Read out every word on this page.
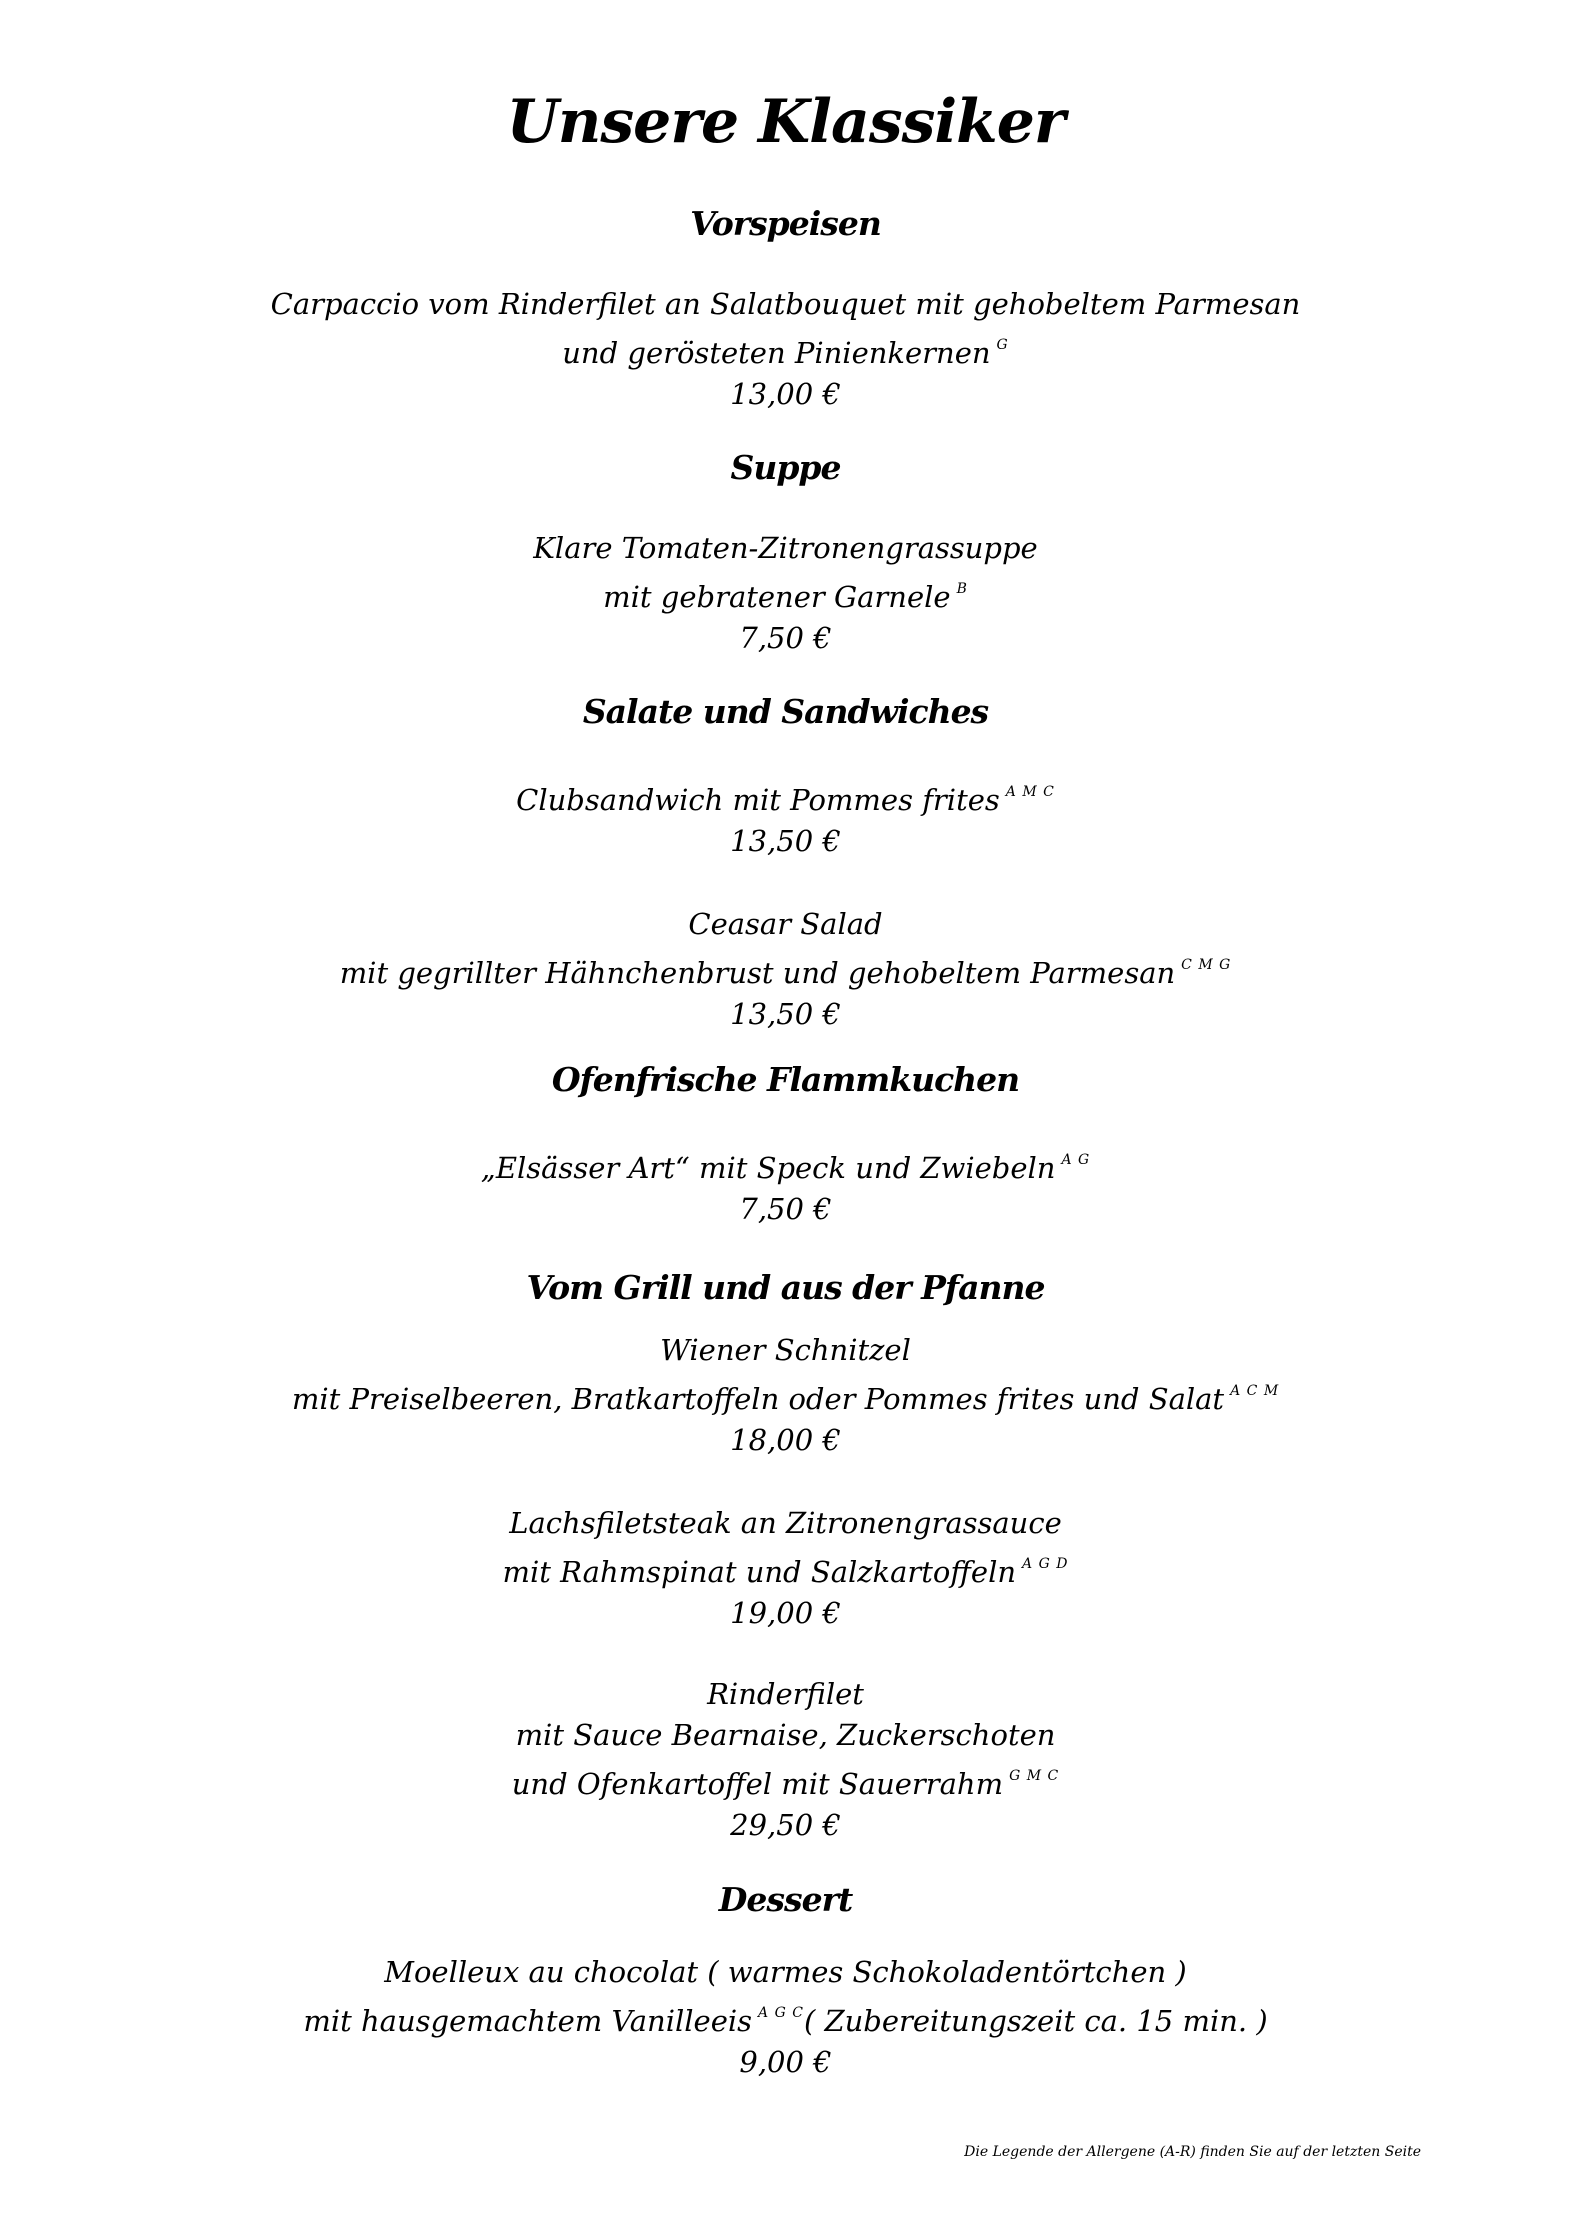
Unsere Klassiker
Vorspeisen
Carpaccio vom Rinderfilet an Salatbouquet mit gehobeltem Parmesan
und gerösteten Pinienkernen $^G$
13,00 €
Suppe
Klare Tomaten-Zitronengrassuppe
mit gebratener Garnele $^B$
7,50 €
Salate und Sandwiches
Clubsandwich mit Pommes frites $^{A M C}$
13,50 €
Ceasar Salad
mit gegrillter Hähnchenbrust und gehobeltem Parmesan $^{C M G}$
13,50 €
Ofenfrische Flammkuchen
„Elsässer Art“ mit Speck und Zwiebeln $^{A G}$
7,50 €
Vom Grill und aus der Pfanne
Wiener Schnitzel
mit Preiselbeeren, Bratkartoffeln oder Pommes frites und Salat $^{A C M}$
18,00 €
Lachsfiletsteak an Zitronengrassauce
mit Rahmspinat und Salzkartoffeln $^{A G D}$
19,00 €
Rinderfilet
mit Sauce Bearnaise, Zuckerschoten
und Ofenkartoffel mit Sauerrahm $^{G M C}$
29,50 €
Dessert
Moelleux au chocolat ( warmes Schokoladentörtchen )
mit hausgemachtem Vanilleeis $^{A G C}$( Zubereitungszeit ca. 15 min. )
9,00 €
Die Legende der Allergene (A-R) finden Sie auf der letzten Seite
